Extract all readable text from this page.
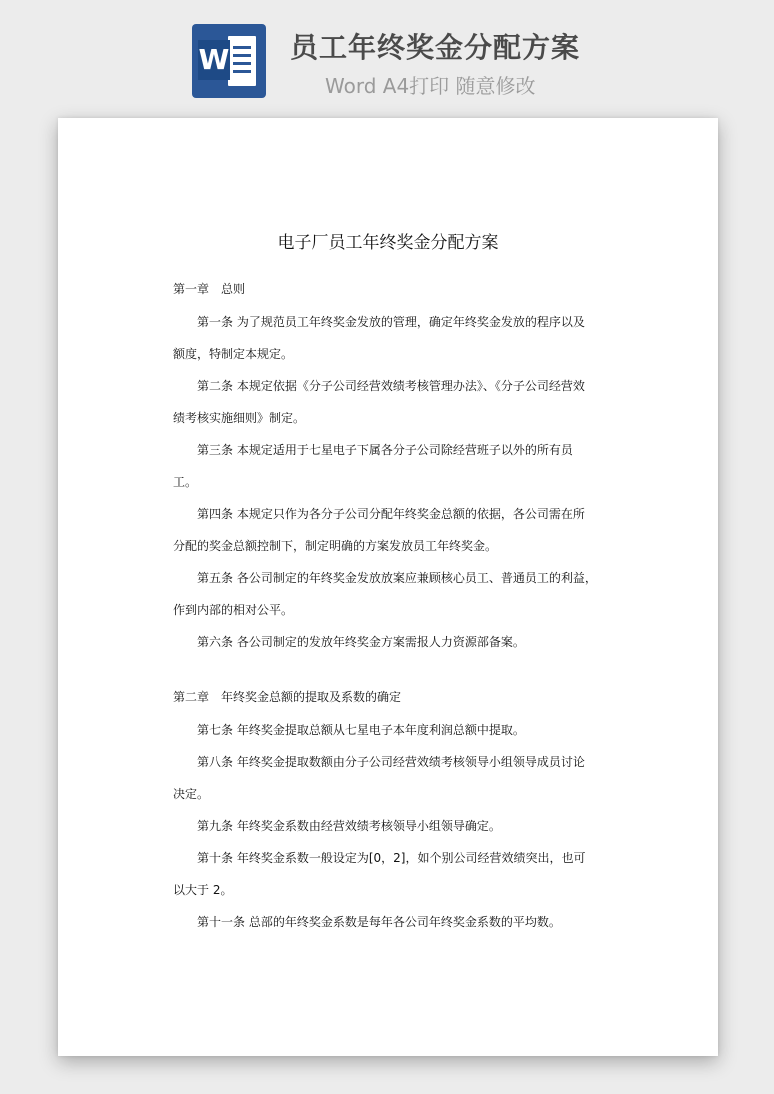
W 员工年终奖金分配方案
Word A4打印 随意修改
电子厂员工年终奖金分配方案
第一章　总则
第一条 为了规范员工年终奖金发放的管理，确定年终奖金发放的程序以及
额度，特制定本规定。
第二条 本规定依据《分子公司经营效绩考核管理办法》、《分子公司经营效
绩考核实施细则》制定。
第三条 本规定适用于七星电子下属各分子公司除经营班子以外的所有员
工。
第四条 本规定只作为各分子公司分配年终奖金总额的依据，各公司需在所
分配的奖金总额控制下，制定明确的方案发放员工年终奖金。
第五条 各公司制定的年终奖金发放放案应兼顾核心员工、普通员工的利益，
作到内部的相对公平。
第六条 各公司制定的发放年终奖金方案需报人力资源部备案。
第二章　年终奖金总额的提取及系数的确定
第七条 年终奖金提取总额从七星电子本年度利润总额中提取。
第八条 年终奖金提取数额由分子公司经营效绩考核领导小组领导成员讨论
决定。
第九条 年终奖金系数由经营效绩考核领导小组领导确定。
第十条 年终奖金系数一般设定为[0，2]，如个别公司经营效绩突出，也可
以大于 2。
第十一条 总部的年终奖金系数是每年各公司年终奖金系数的平均数。
